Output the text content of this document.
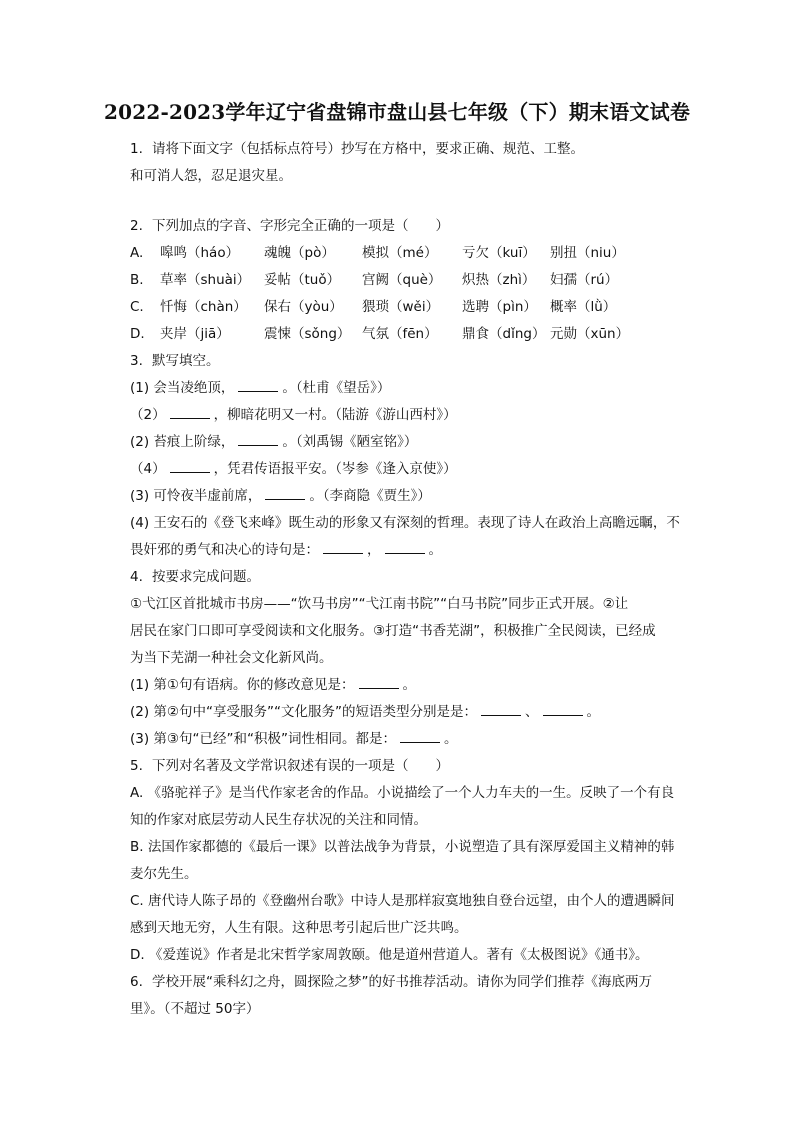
2022-2023学年辽宁省盘锦市盘山县七年级（下）期末语文试卷
1. 请将下面文字（包括标点符号）抄写在方格中，要求正确、规范、工整。
和可消人怨，忍足退灾星。
2. 下列加点的字音、字形完全正确的一项是（　　）
A.	嗥鸣（háo）	魂魄（pò）	模拟（mé）	亏欠（kuī）	别扭（niu）
B.	草率（shuài）	妥帖（tuǒ）	宫阙（què）	炽热（zhì）	妇孺（rú）
C.	忏悔（chàn）	保右（yòu）	猥琐（wěi）	选聘（pìn） 概率（lǜ）
D.	夹岸（jiā）	震悚（sǒng） 气氛（fēn）	鼎食（dǐng） 元勋（xūn）
3. 默写填空。
(1) 会当凌绝顶，	。（杜甫《望岳》）
（2）	，柳暗花明又一村。（陆游《游山西村》）
(2) 苔痕上阶绿，	。（刘禹锡《陋室铭》）
（4）	，凭君传语报平安。（岑参《逢入京使》）
(3) 可怜夜半虚前席，	。（李商隐《贾生》）
(4) 王安石的《登飞来峰》既生动的形象又有深刻的哲理。表现了诗人在政治上高瞻远瞩，不
畏奸邪的勇气和决心的诗句是：	，	。
4. 按要求完成问题。
①弋江区首批城市书房——“饮马书房”“弋江南书院”“白马书院”同步正式开展。②让
居民在家门口即可享受阅读和文化服务。③打造“书香芜湖”，积极推广全民阅读，已经成
为当下芜湖一种社会文化新风尚。
(1) 第①句有语病。你的修改意见是：	。
(2) 第②句中“享受服务”“文化服务”的短语类型分别是是：	、	。
(3) 第③句“已经”和“积极”词性相同。都是：	。
5. 下列对名著及文学常识叙述有误的一项是（　　）
A. 《骆驼祥子》是当代作家老舍的作品。小说描绘了一个人力车夫的一生。反映了一个有良
知的作家对底层劳动人民生存状况的关注和同情。
B. 法国作家都德的《最后一课》以普法战争为背景，小说塑造了具有深厚爱国主义精神的韩
麦尔先生。
C. 唐代诗人陈子昂的《登幽州台歌》中诗人是那样寂寞地独自登台远望，由个人的遭遇瞬间
感到天地无穷，人生有限。这种思考引起后世广泛共鸣。
D. 《爱莲说》作者是北宋哲学家周敦颐。他是道州营道人。著有《太极图说》《通书》。
6. 学校开展“乘科幻之舟，圆探险之梦”的好书推荐活动。请你为同学们推荐《海底两万
里》。（不超过 50字）
